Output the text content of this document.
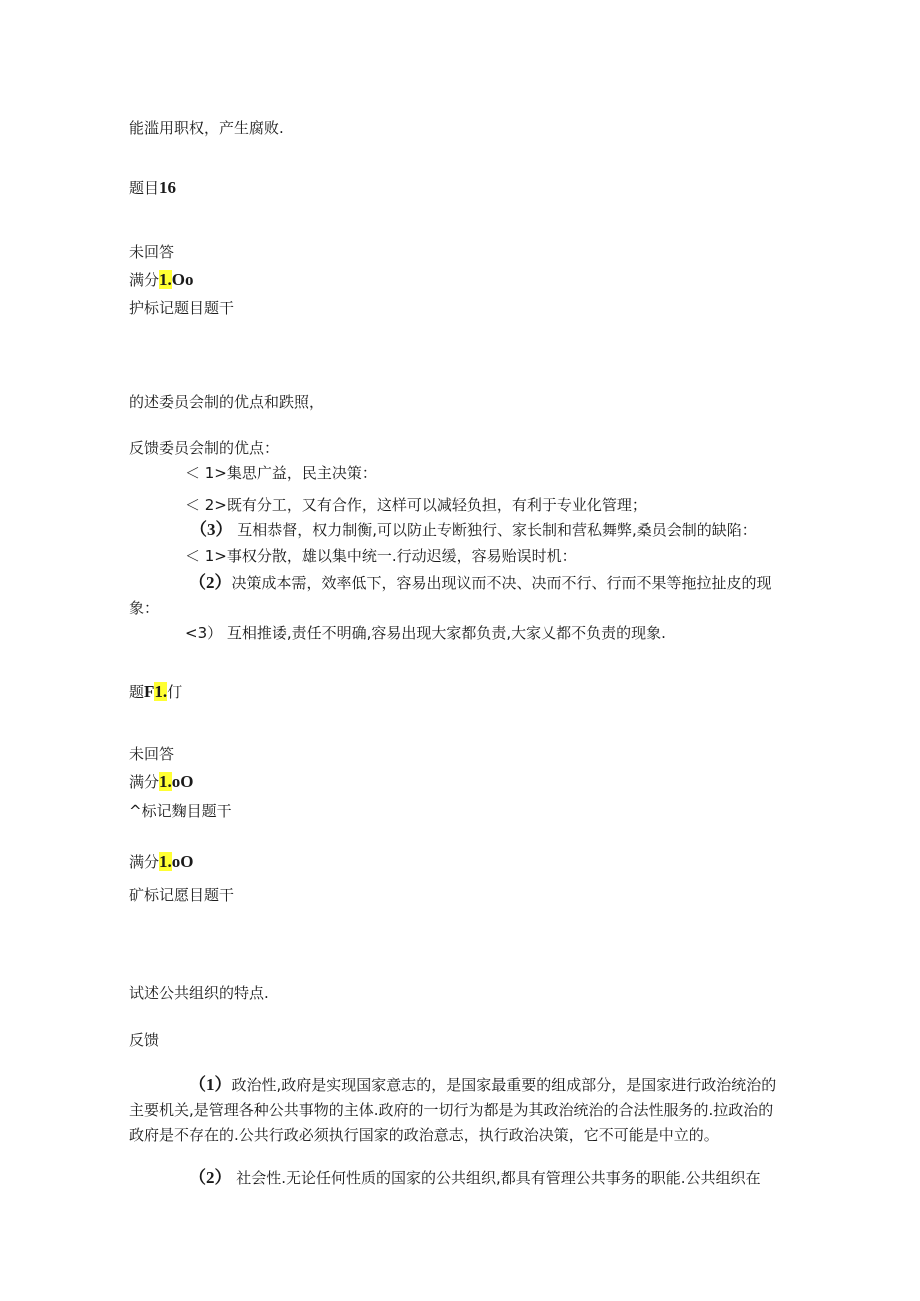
能滥用职权，产生腐败.
题目16
未回答
满分1.Oo
护标记题目题干
的述委员会制的优点和跌照，
反馈委员会制的优点：
＜ 1>集思广益，民主决策：
＜ 2>既有分工，又有合作，这样可以减轻负担，有利于专业化管理；
（3） 互相恭督，权力制衡,可以防止专断独行、家长制和营私舞弊,桑员会制的缺陷：
＜ 1>事权分散，雄以集中统一.行动迟缓，容易贻误时机：
（2）决策成本需，效率低下，容易出现议而不决、决而不行、行而不果等拖拉扯皮的现象：
<3） 互相推诿,责任不明确,容易出现大家都负责,大家乂都不负责的现象.
题F1.仃
未回答
满分1.oO
^标记麴目题干
满分1.oO
矿标记愿目题干
试述公共组织的特点.
反馈
（1）政治性,政府是实现国家意志的，是国家最重要的组成部分，是国家进行政治统治的主要机关,是管理各种公共事物的主体.政府的一切行为都是为其政治统治的合法性服务的.拉政治的政府是不存在的.公共行政必须执行国家的政治意志，执行政治决策，它不可能是中立的。
（2） 社会性.无论任何性质的国家的公共组织,都具有管理公共事务的职能.公共组织在
